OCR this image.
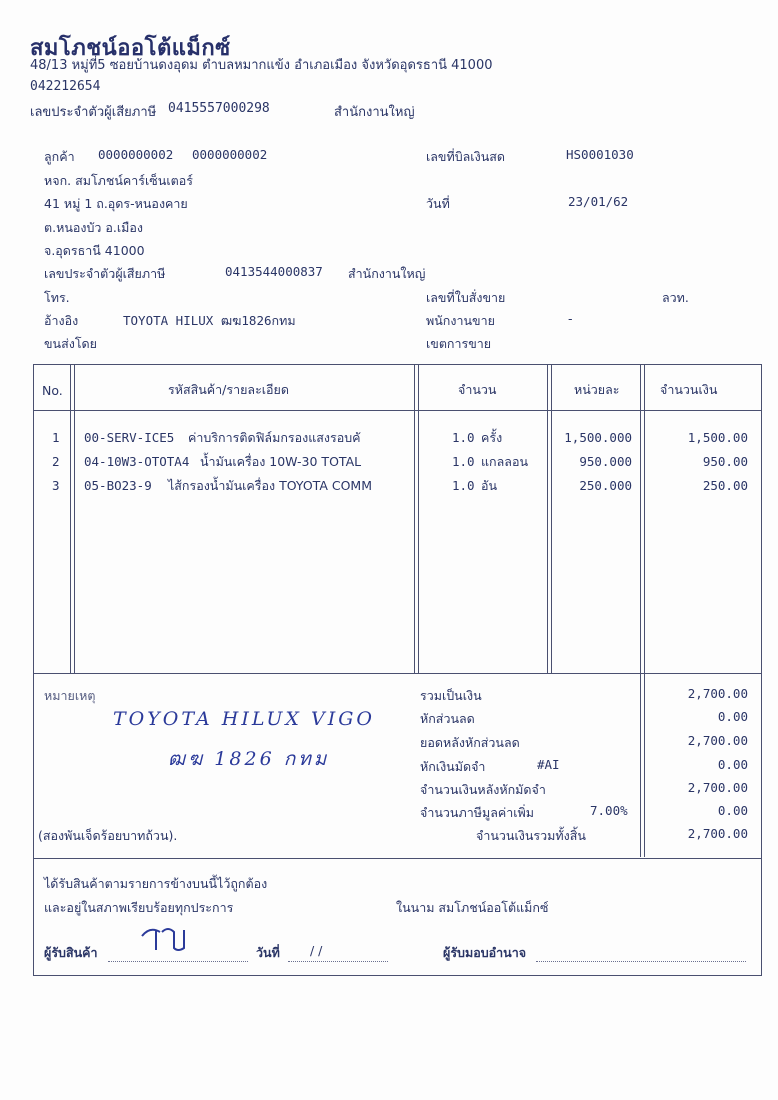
สมโภชน์ออโต้แม็กซ์
48/13 หมู่ที่5 ซอยบ้านดงอุดม ตำบลหมากแข้ง อำเภอเมือง จังหวัดอุดรธานี 41000
042212654
เลขประจำตัวผู้เสียภาษี 0415557000298	สำนักงานใหญ่
ลูกค้า 0000000002 0000000002
หจก. สมโภชน์คาร์เซ็นเตอร์
41 หมู่ 1 ถ.อุดร-หนองคาย
ต.หนองบัว อ.เมือง
จ.อุดรธานี 41000
เลขประจำตัวผู้เสียภาษี	0413544000837 สำนักงานใหญ่
โทร.
อ้างอิง	TOYOTA HILUX ฒฆ1826กทม
ขนส่งโดย
เลขที่บิลเงินสด	HS0001030
วันที่	23/01/62
เลขที่ใบสั่งขาย	ลวท.
พนักงานขาย	-
เขตการขาย
No.	รหัสสินค้า/รายละเอียด	จำนวน	หน่วยละ	จำนวนเงิน
1 00-SERV-ICE5 ค่าบริการติดฟิล์มกรองแสงรอบคั	1.0 ครั้ง	1,500.000	1,500.00
2 04-10W3-OTOTA4 น้ำมันเครื่อง 10W-30 TOTAL	1.0 แกลลอน	950.000	950.00
3 05-BO23-9 ไส้กรองน้ำมันเครื่อง TOYOTA COMM	1.0 อัน	250.000	250.00
หมายเหตุ
TOYOTA HILUX VIGO
ฒฆ 1826 กทม
(สองพันเจ็ดร้อยบาทถ้วน).
รวมเป็นเงิน	2,700.00
หักส่วนลด	0.00
ยอดหลังหักส่วนลด	2,700.00
หักเงินมัดจำ	#AI	0.00
จำนวนเงินหลังหักมัดจำ	2,700.00
จำนวนภาษีมูลค่าเพิ่ม	7.00%	0.00
จำนวนเงินรวมทั้งสิ้น	2,700.00
ได้รับสินค้าตามรายการข้างบนนี้ไว้ถูกต้อง
และอยู่ในสภาพเรียบร้อยทุกประการ	ในนาม สมโภชน์ออโต้แม็กซ์
ผู้รับสินค้า	วันที่ / /	ผู้รับมอบอำนาจ
